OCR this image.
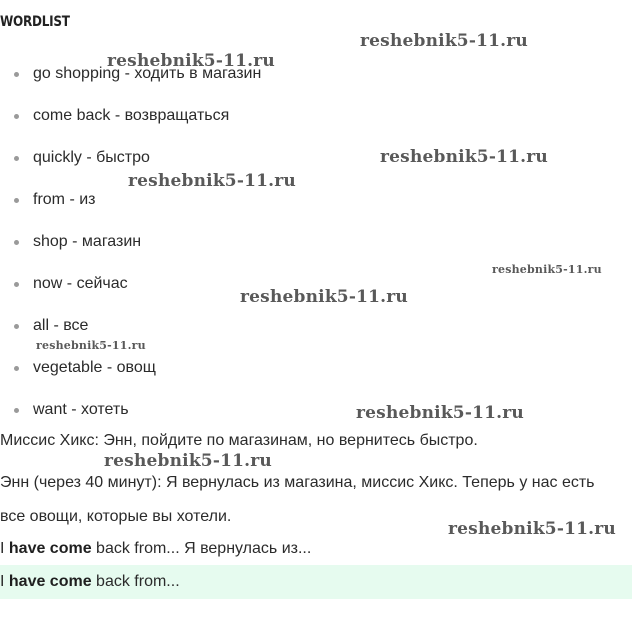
WORDLIST
go shopping - ходить в магазин
come back - возвращаться
quickly - быстро
from - из
shop - магазин
now - сейчас
all - все
vegetable - овощ
want - хотеть
Миссис Хикс: Энн, пойдите по магазинам, но вернитесь быстро.
Энн (через 40 минут): Я вернулась из магазина, миссис Хикс. Теперь у нас есть
все овощи, которые вы хотели.
I have come back from... Я вернулась из...
I have come back from...
reshebnik5-11.ru
reshebnik5-11.ru
reshebnik5-11.ru
reshebnik5-11.ru
reshebnik5-11.ru
reshebnik5-11.ru
reshebnik5-11.ru
reshebnik5-11.ru
reshebnik5-11.ru
reshebnik5-11.ru
